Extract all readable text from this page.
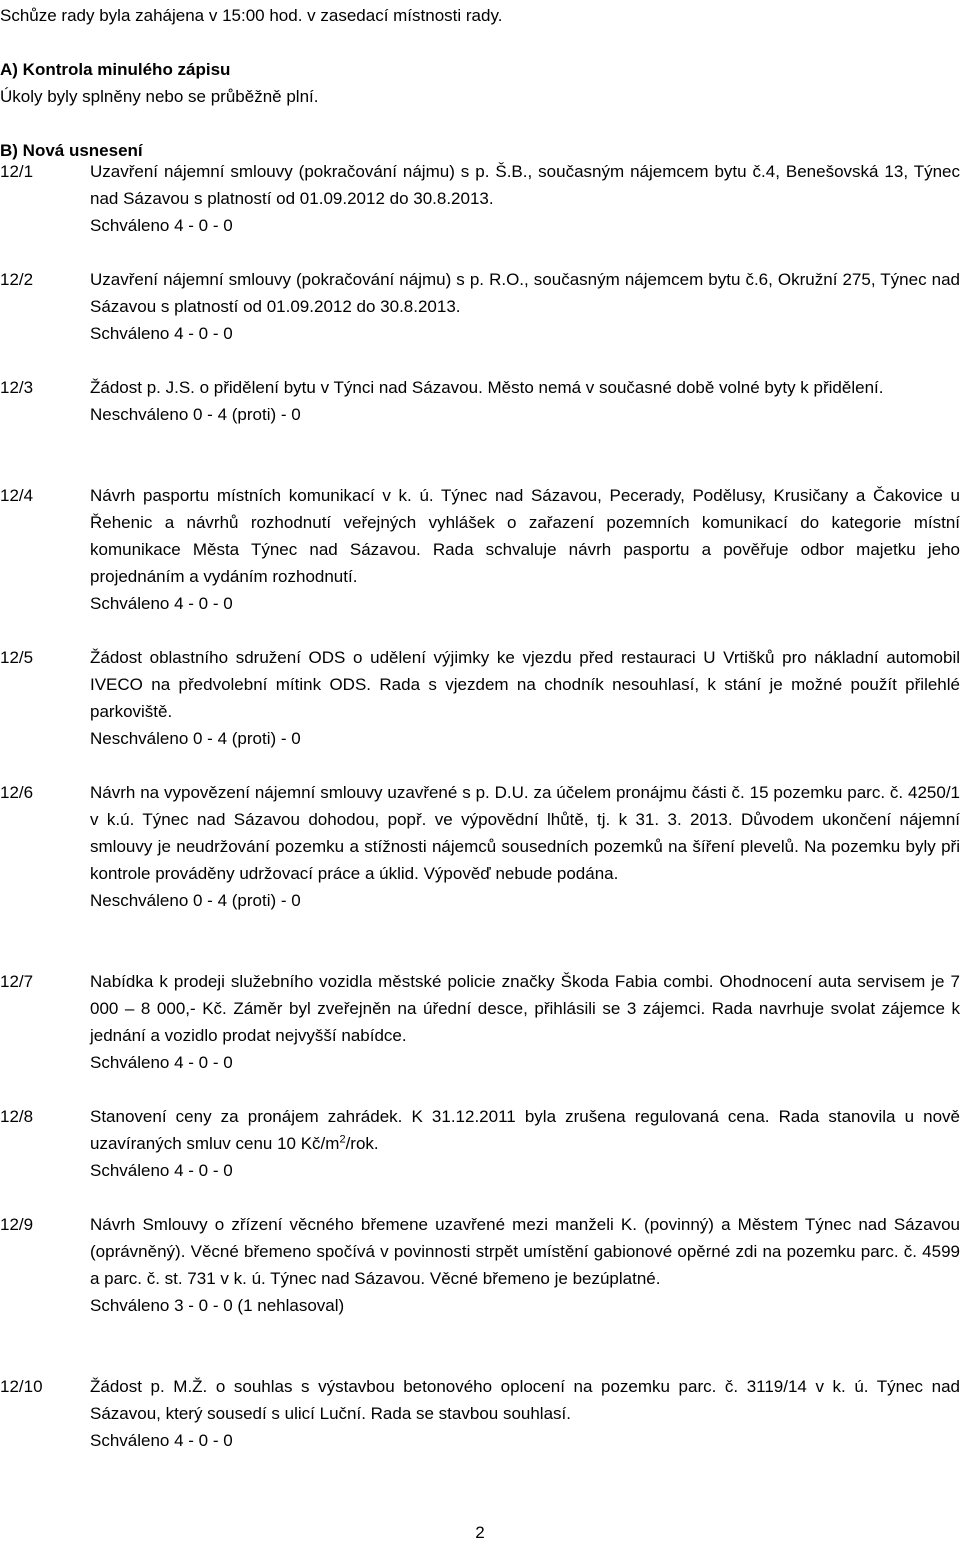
Schůze rady byla zahájena v 15:00 hod. v zasedací místnosti rady.
A) Kontrola minulého zápisu
Úkoly byly splněny nebo se průběžně plní.
B) Nová usnesení
12/1	Uzavření nájemní smlouvy (pokračování nájmu) s p. Š.B., současným nájemcem bytu č.4, Benešovská 13, Týnec nad Sázavou s platností od 01.09.2012 do 30.8.2013.
Schváleno 4 - 0 - 0
12/2	Uzavření nájemní smlouvy (pokračování nájmu) s p. R.O., současným nájemcem bytu č.6, Okružní 275, Týnec nad Sázavou s platností od 01.09.2012 do 30.8.2013.
Schváleno 4 - 0 - 0
12/3	Žádost p. J.S. o přidělení bytu v Týnci nad Sázavou. Město nemá v současné době volné byty k přidělení.
Neschváleno 0 - 4 (proti) - 0
12/4	Návrh pasportu místních komunikací v k. ú. Týnec nad Sázavou, Pecerady, Podělusy, Krusičany a Čakovice u Řehenic a návrhů rozhodnutí veřejných vyhlášek o zařazení pozemních komunikací do kategorie místní komunikace Města Týnec nad Sázavou. Rada schvaluje návrh pasportu a pověřuje odbor majetku jeho projednáním a vydáním rozhodnutí.
Schváleno 4 - 0 - 0
12/5	Žádost oblastního sdružení ODS o udělení výjimky ke vjezdu před restauraci U Vrtišků pro nákladní automobil IVECO na předvolební mítink ODS. Rada s vjezdem na chodník nesouhlasí, k stání je možné použít přilehlé parkoviště.
Neschváleno 0 - 4 (proti) - 0
12/6	Návrh na vypovězení nájemní smlouvy uzavřené s p. D.U. za účelem pronájmu části č. 15 pozemku parc. č. 4250/1 v k.ú. Týnec nad Sázavou dohodou, popř. ve výpovědní lhůtě, tj. k 31. 3. 2013. Důvodem ukončení nájemní smlouvy je neudržování pozemku a stížnosti nájemců sousedních pozemků na šíření plevelů. Na pozemku byly při kontrole prováděny udržovací práce a úklid. Výpověď nebude podána.
Neschváleno 0 - 4 (proti) - 0
12/7	Nabídka k prodeji služebního vozidla městské policie značky Škoda Fabia combi. Ohodnocení auta servisem je 7 000 – 8 000,- Kč. Záměr byl zveřejněn na úřední desce, přihlásili se 3 zájemci. Rada navrhuje svolat zájemce k jednání a vozidlo prodat nejvyšší nabídce.
Schváleno 4 - 0 - 0
12/8	Stanovení ceny za pronájem zahrádek. K 31.12.2011 byla zrušena regulovaná cena. Rada stanovila u nově uzavíraných smluv cenu 10 $Kč/m^2$/rok.
Schváleno 4 - 0 - 0
12/9	Návrh Smlouvy o zřízení věcného břemene uzavřené mezi manželi K. (povinný) a Městem Týnec nad Sázavou (oprávněný). Věcné břemeno spočívá v povinnosti strpět umístění gabionové opěrné zdi na pozemku parc. č. 4599 a parc. č. st. 731 v k. ú. Týnec nad Sázavou. Věcné břemeno je bezúplatné.
Schváleno 3 - 0 - 0 (1 nehlasoval)
12/10	Žádost p. M.Ž. o souhlas s výstavbou betonového oplocení na pozemku parc. č. 3119/14 v k. ú. Týnec nad Sázavou, který sousedí s ulicí Luční. Rada se stavbou souhlasí.
Schváleno 4 - 0 - 0
2
